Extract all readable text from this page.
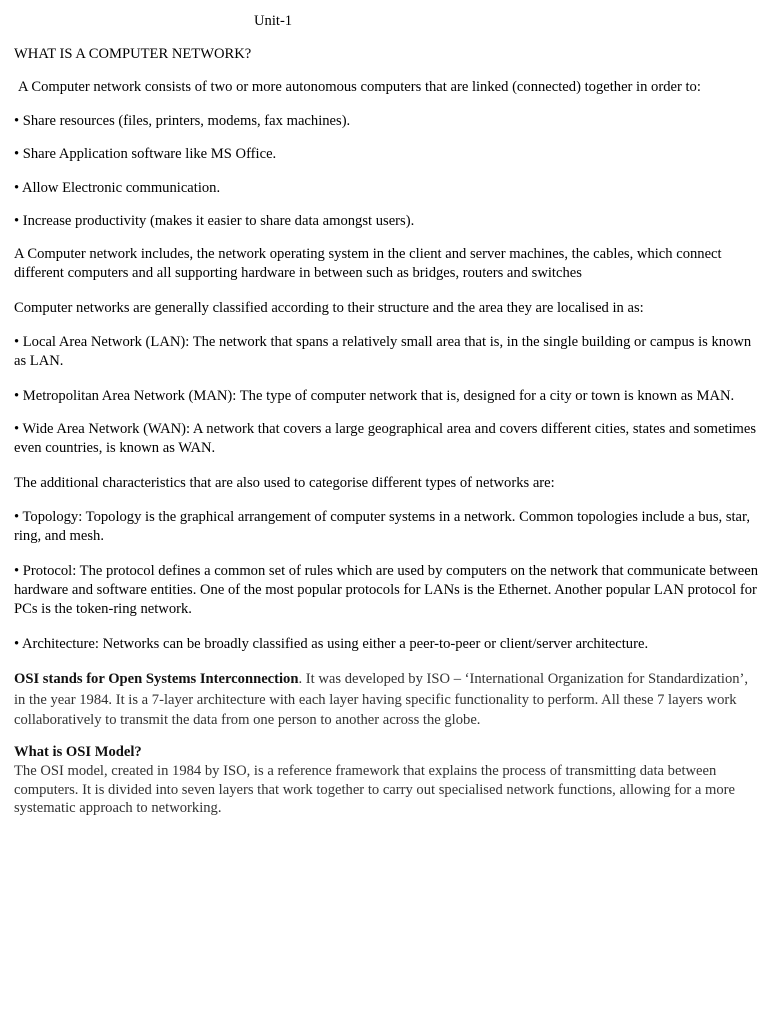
Unit-1
WHAT IS A COMPUTER NETWORK?

A Computer network consists of two or more autonomous computers that are linked (connected) together in order to:

• Share resources (files, printers, modems, fax machines).

• Share Application software like MS Office.

• Allow Electronic communication.

• Increase productivity (makes it easier to share data amongst users).

A Computer network includes, the network operating system in the client and server machines, the cables, which connect different computers and all supporting hardware in between such as bridges, routers and switches

Computer networks are generally classified according to their structure and the area they are localised in as:

• Local Area Network (LAN): The network that spans a relatively small area that is, in the single building or campus is known as LAN.

• Metropolitan Area Network (MAN): The type of computer network that is, designed for a city or town is known as MAN.

• Wide Area Network (WAN): A network that covers a large geographical area and covers different cities, states and sometimes even countries, is known as WAN.

The additional characteristics that are also used to categorise different types of networks are:

• Topology: Topology is the graphical arrangement of computer systems in a network. Common topologies include a bus, star, ring, and mesh.

• Protocol: The protocol defines a common set of rules which are used by computers on the network that communicate between hardware and software entities. One of the most popular protocols for LANs is the Ethernet. Another popular LAN protocol for PCs is the token-ring network.

• Architecture: Networks can be broadly classified as using either a peer-to-peer or client/server architecture.

OSI stands for Open Systems Interconnection. It was developed by ISO – ‘International Organization for Standardization’, in the year 1984. It is a 7-layer architecture with each layer having specific functionality to perform. All these 7 layers work collaboratively to transmit the data from one person to another across the globe.

What is OSI Model?

The OSI model, created in 1984 by ISO, is a reference framework that explains the process of transmitting data between computers. It is divided into seven layers that work together to carry out specialised network functions, allowing for a more systematic approach to networking.
